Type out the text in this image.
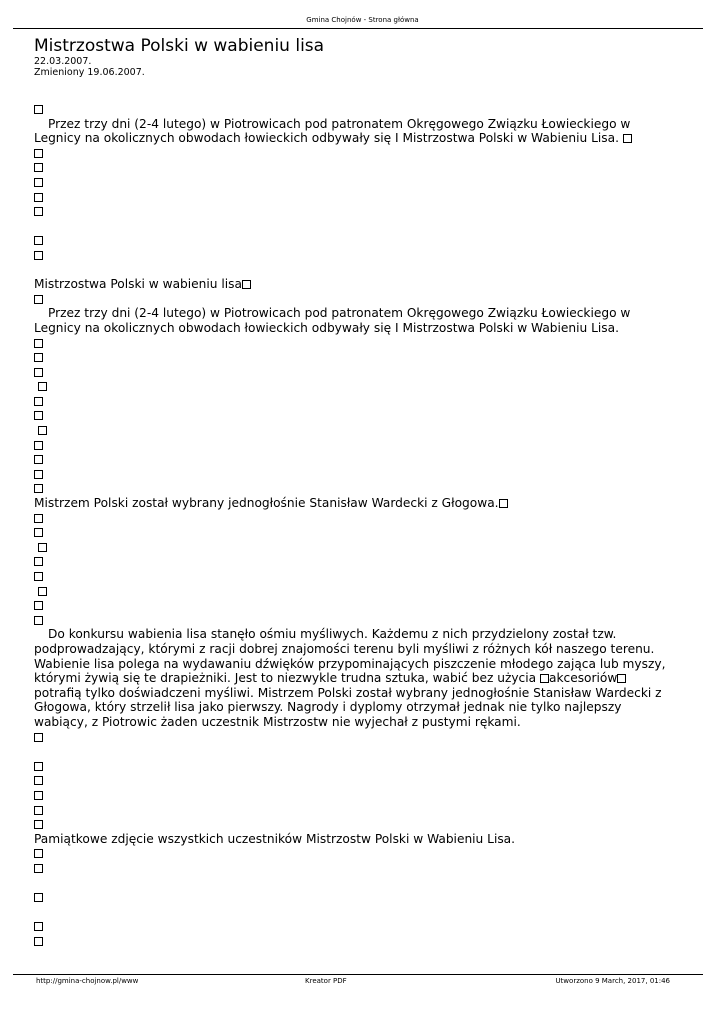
Gmina Chojnów - Strona główna
Mistrzostwa Polski w wabieniu lisa
22.03.2007.
Zmieniony 19.06.2007.
Przez trzy dni (2-4 lutego) w Piotrowicach pod patronatem Okręgowego Związku Łowieckiego w
Legnicy na okolicznych obwodach łowieckich odbywały się I Mistrzostwa Polski w Wabieniu Lisa.
Mistrzostwa Polski w wabieniu lisa
Przez trzy dni (2-4 lutego) w Piotrowicach pod patronatem Okręgowego Związku Łowieckiego w
Legnicy na okolicznych obwodach łowieckich odbywały się I Mistrzostwa Polski w Wabieniu Lisa.
Mistrzem Polski został wybrany jednogłośnie Stanisław Wardecki z Głogowa.
Do konkursu wabienia lisa stanęło ośmiu myśliwych. Każdemu z nich przydzielony został tzw.
podprowadzający, którymi z racji dobrej znajomości terenu byli myśliwi z różnych kół naszego terenu.
Wabienie lisa polega na wydawaniu dźwięków przypominających piszczenie młodego zająca lub myszy,
którymi żywią się te drapieżniki. Jest to niezwykle trudna sztuka, wabić bez użycia akcesoriów
potrafią tylko doświadczeni myśliwi. Mistrzem Polski został wybrany jednogłośnie Stanisław Wardecki z
Głogowa, który strzelił lisa jako pierwszy. Nagrody i dyplomy otrzymał jednak nie tylko najlepszy
wabiący, z Piotrowic żaden uczestnik Mistrzostw nie wyjechał z pustymi rękami.
Pamiątkowe zdjęcie wszystkich uczestników Mistrzostw Polski w Wabieniu Lisa.
http://gmina-chojnow.pl/www	Kreator PDF	Utworzono 9 March, 2017, 01:46
